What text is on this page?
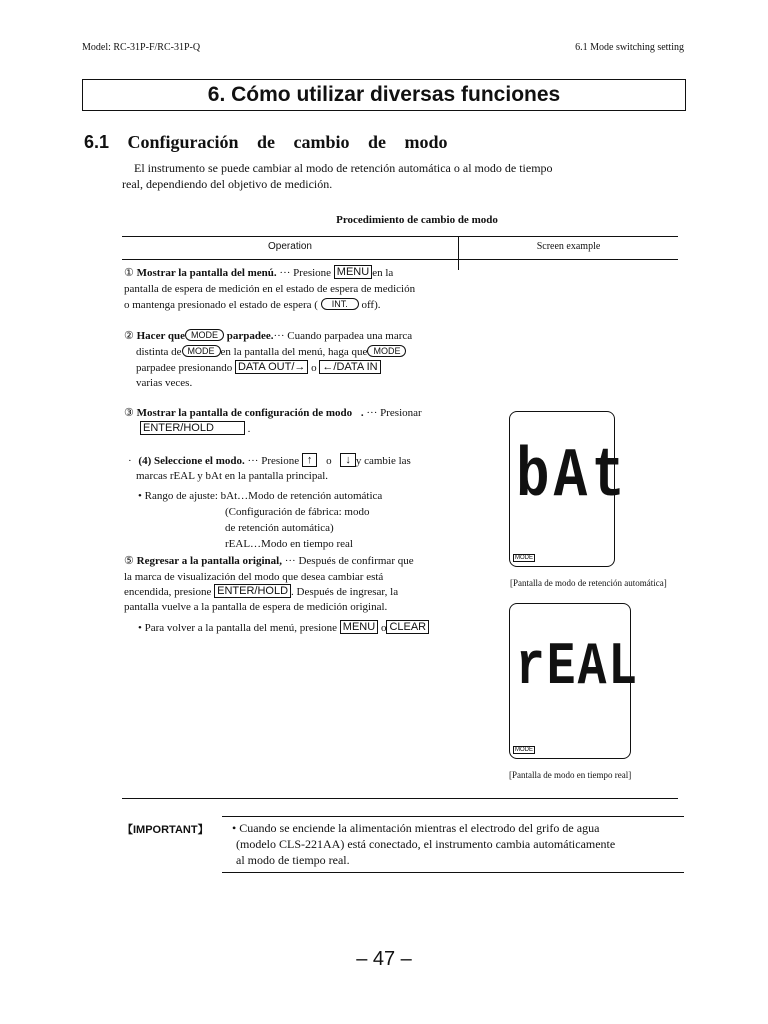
Model: RC-31P-F/RC-31P-Q	6.1 Mode switching setting
6. Cómo utilizar diversas funciones
6.1 Configuración de cambio de modo
El instrumento se puede cambiar al modo de retención automática o al modo de tiempo
real, dependiendo del objetivo de medición.
Procedimiento de cambio de modo
Operation	Screen example
① Mostrar la pantalla del menú. ··· Presione MENU en la
pantalla de espera de medición en el estado de espera de medición
o mantenga presionado el estado de espera ( INT. off).
② Hacer que MODE parpadee.··· Cuando parpadea una marca
distinta de MODE en la pantalla del menú, haga que MODE
parpadee presionando DATA OUT/→ o ←/DATA IN
varias veces.
③ Mostrar la pantalla de configuración de modo . ··· Presionar
ENTER/HOLD	.
· (4) Seleccione el modo. ··· Presione ↑ o ↓ y cambie las
marcas rEAL y bAt en la pantalla principal.
• Rango de ajuste: bAt…Modo de retención automática
(Configuración de fábrica: modo
de retención automática)
rEAL…Modo en tiempo real
⑤ Regresar a la pantalla original, ··· Después de confirmar que
la marca de visualización del modo que desea cambiar está
encendida, presione ENTER/HOLD . Después de ingresar, la
pantalla vuelve a la pantalla de espera de medición original.
• Para volver a la pantalla del menú, presione MENU o CLEAR
bAt
MODE
[Pantalla de modo de retención automática]
rEAL
MODE
[Pantalla de modo en tiempo real]
【IMPORTANT】 • Cuando se enciende la alimentación mientras el electrodo del grifo de agua
(modelo CLS-221AA) está conectado, el instrumento cambia automáticamente
al modo de tiempo real.
– 47 –
